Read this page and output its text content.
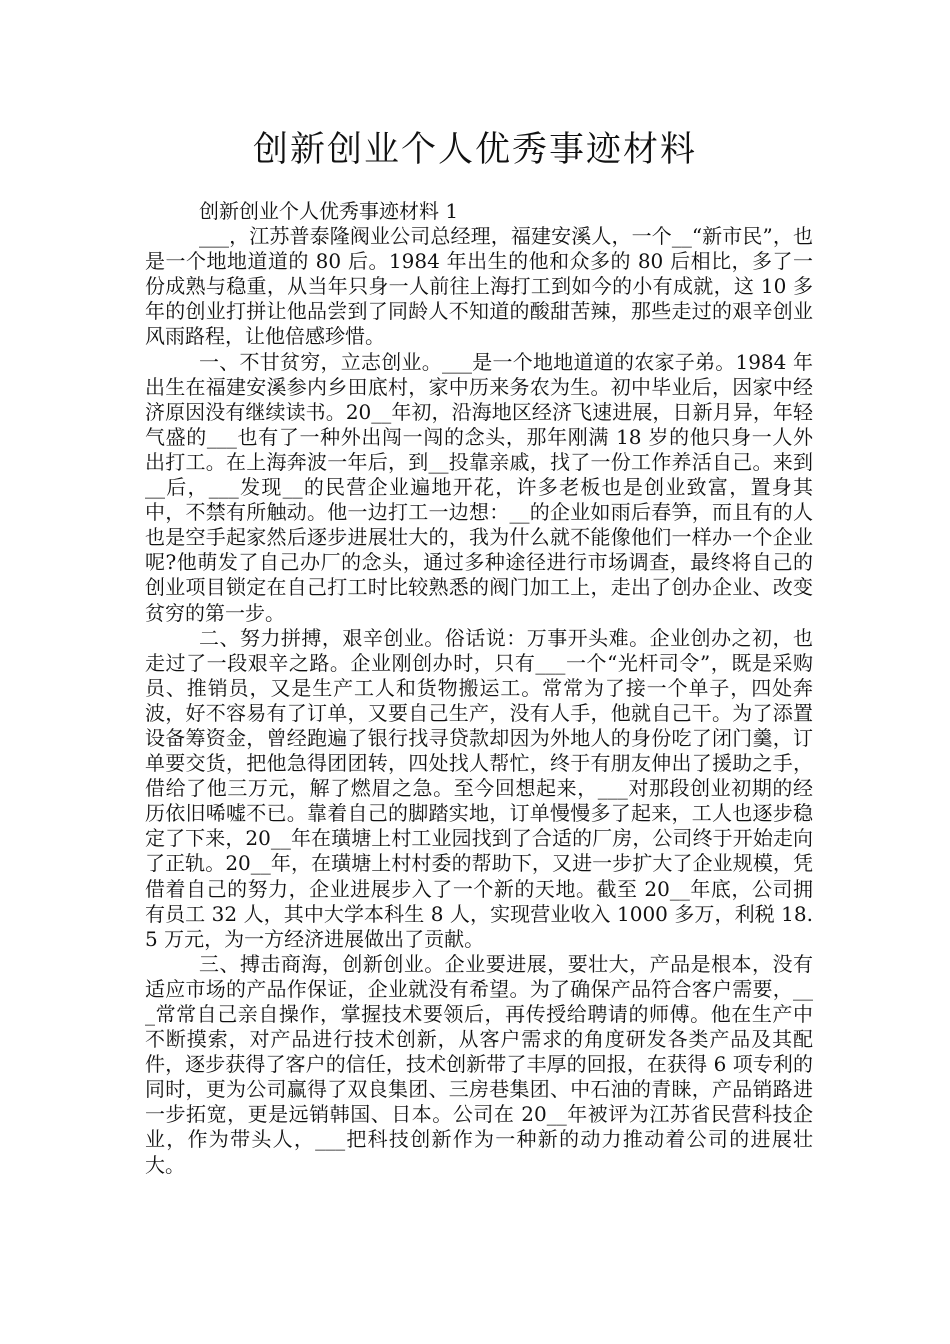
创新创业个人优秀事迹材料

创新创业个人优秀事迹材料 1

___，江苏普泰隆阀业公司总经理，福建安溪人，一个__“新市民”，也是一个地地道道的 80 后。1984 年出生的他和众多的 80 后相比，多了一份成熟与稳重，从当年只身一人前往上海打工到如今的小有成就，这 10 多年的创业打拼让他品尝到了同龄人不知道的酸甜苦辣，那些走过的艰辛创业风雨路程，让他倍感珍惜。

一、不甘贫穷，立志创业。___是一个地地道道的农家子弟。1984 年出生在福建安溪参内乡田底村，家中历来务农为生。初中毕业后，因家中经济原因没有继续读书。20__年初，沿海地区经济飞速进展，日新月异，年轻气盛的___也有了一种外出闯一闯的念头，那年刚满 18 岁的他只身一人外出打工。在上海奔波一年后，到__投靠亲戚，找了一份工作养活自己。来到__后，___发现__的民营企业遍地开花，许多老板也是创业致富，置身其中，不禁有所触动。他一边打工一边想：__的企业如雨后春笋，而且有的人也是空手起家然后逐步进展壮大的，我为什么就不能像他们一样办一个企业呢?他萌发了自己办厂的念头，通过多种途径进行市场调查，最终将自己的创业项目锁定在自己打工时比较熟悉的阀门加工上，走出了创办企业、改变贫穷的第一步。

二、努力拼搏，艰辛创业。俗话说：万事开头难。企业创办之初，也走过了一段艰辛之路。企业刚创办时，只有___一个“光杆司令”，既是采购员、推销员，又是生产工人和货物搬运工。常常为了接一个单子，四处奔波，好不容易有了订单，又要自己生产，没有人手，他就自己干。为了添置设备筹资金，曾经跑遍了银行找寻贷款却因为外地人的身份吃了闭门羹，订单要交货，把他急得团团转，四处找人帮忙，终于有朋友伸出了援助之手，借给了他三万元，解了燃眉之急。至今回想起来，___对那段创业初期的经历依旧唏嘘不已。靠着自己的脚踏实地，订单慢慢多了起来，工人也逐步稳定了下来，20__年在璜塘上村工业园找到了合适的厂房，公司终于开始走向了正轨。20__年，在璜塘上村村委的帮助下，又进一步扩大了企业规模，凭借着自己的努力，企业进展步入了一个新的天地。截至 20__年底，公司拥有员工 32 人，其中大学本科生 8 人，实现营业收入 1000 多万，利税 18.5 万元，为一方经济进展做出了贡献。

三、搏击商海，创新创业。企业要进展，要壮大，产品是根本，没有适应市场的产品作保证，企业就没有希望。为了确保产品符合客户需要，___常常自己亲自操作，掌握技术要领后，再传授给聘请的师傅。他在生产中不断摸索，对产品进行技术创新，从客户需求的角度研发各类产品及其配件，逐步获得了客户的信任，技术创新带了丰厚的回报，在获得 6 项专利的同时，更为公司赢得了双良集团、三房巷集团、中石油的青睐，产品销路进一步拓宽，更是远销韩国、日本。公司在 20__年被评为江苏省民营科技企业，作为带头人，___把科技创新作为一种新的动力推动着公司的进展壮大。
